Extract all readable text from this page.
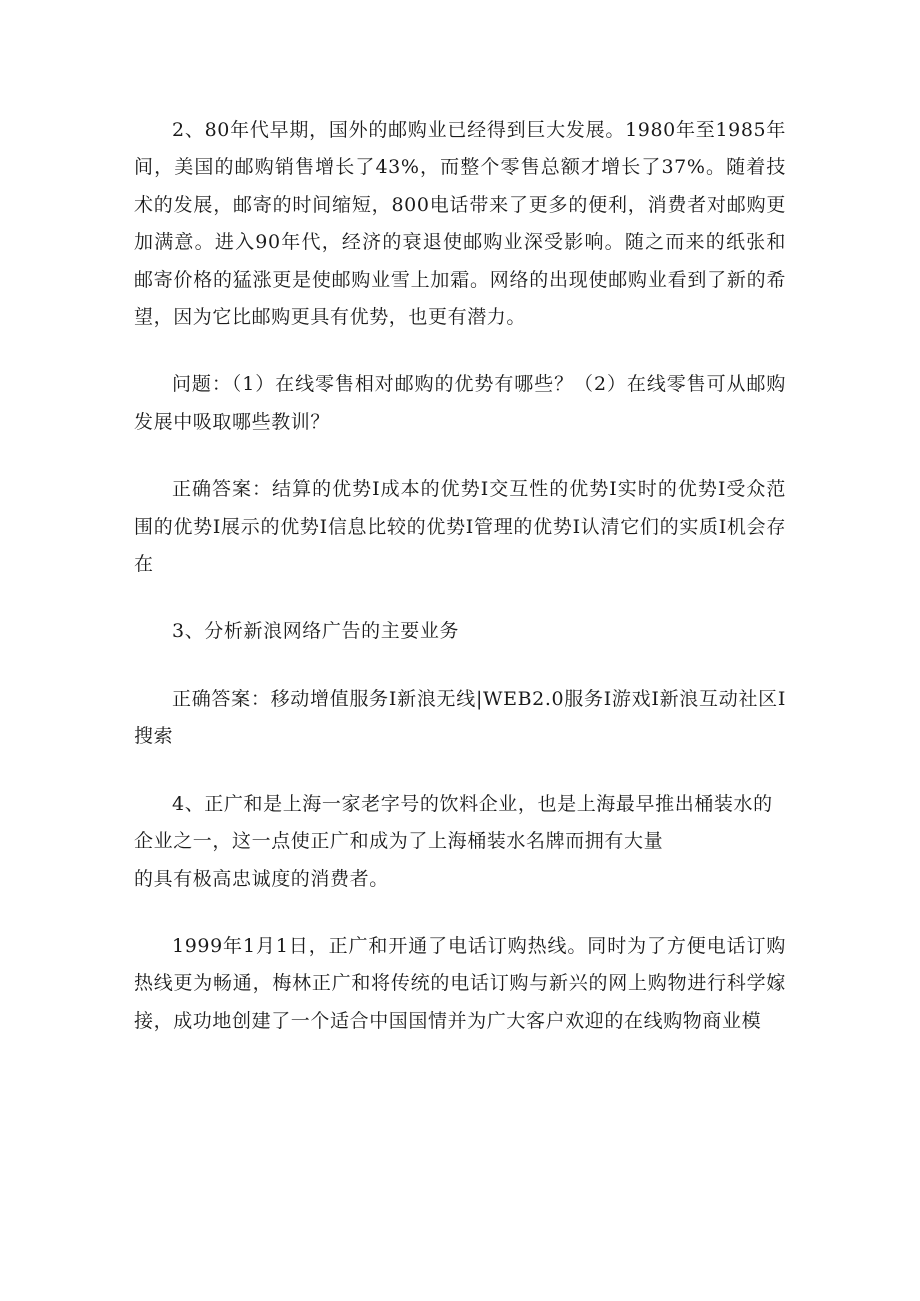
2、80年代早期，国外的邮购业已经得到巨大发展。1980年至1985年间，美国的邮购销售增长了43%，而整个零售总额才增长了37%。随着技术的发展，邮寄的时间缩短，800电话带来了更多的便利，消费者对邮购更加满意。进入90年代，经济的衰退使邮购业深受影响。随之而来的纸张和邮寄价格的猛涨更是使邮购业雪上加霜。网络的出现使邮购业看到了新的希望，因为它比邮购更具有优势，也更有潜力。

问题：（1）在线零售相对邮购的优势有哪些？（2）在线零售可从邮购发展中吸取哪些教训？

正确答案：结算的优势I成本的优势I交互性的优势I实时的优势I受众范围的优势I展示的优势I信息比较的优势I管理的优势I认清它们的实质I机会存在

3、分析新浪网络广告的主要业务

正确答案：移动增值服务I新浪无线|WEB2.0服务I游戏I新浪互动社区I搜索

4、正广和是上海一家老字号的饮料企业，也是上海最早推出桶装水的
企业之一，这一点使正广和成为了上海桶装水名牌而拥有大量
的具有极高忠诚度的消费者。

1999年1月1日，正广和开通了电话订购热线。同时为了方便电话订购热线更为畅通，梅林正广和将传统的电话订购与新兴的网上购物进行科学嫁接，成功地创建了一个适合中国国情并为广大客户欢迎的在线购物商业模
